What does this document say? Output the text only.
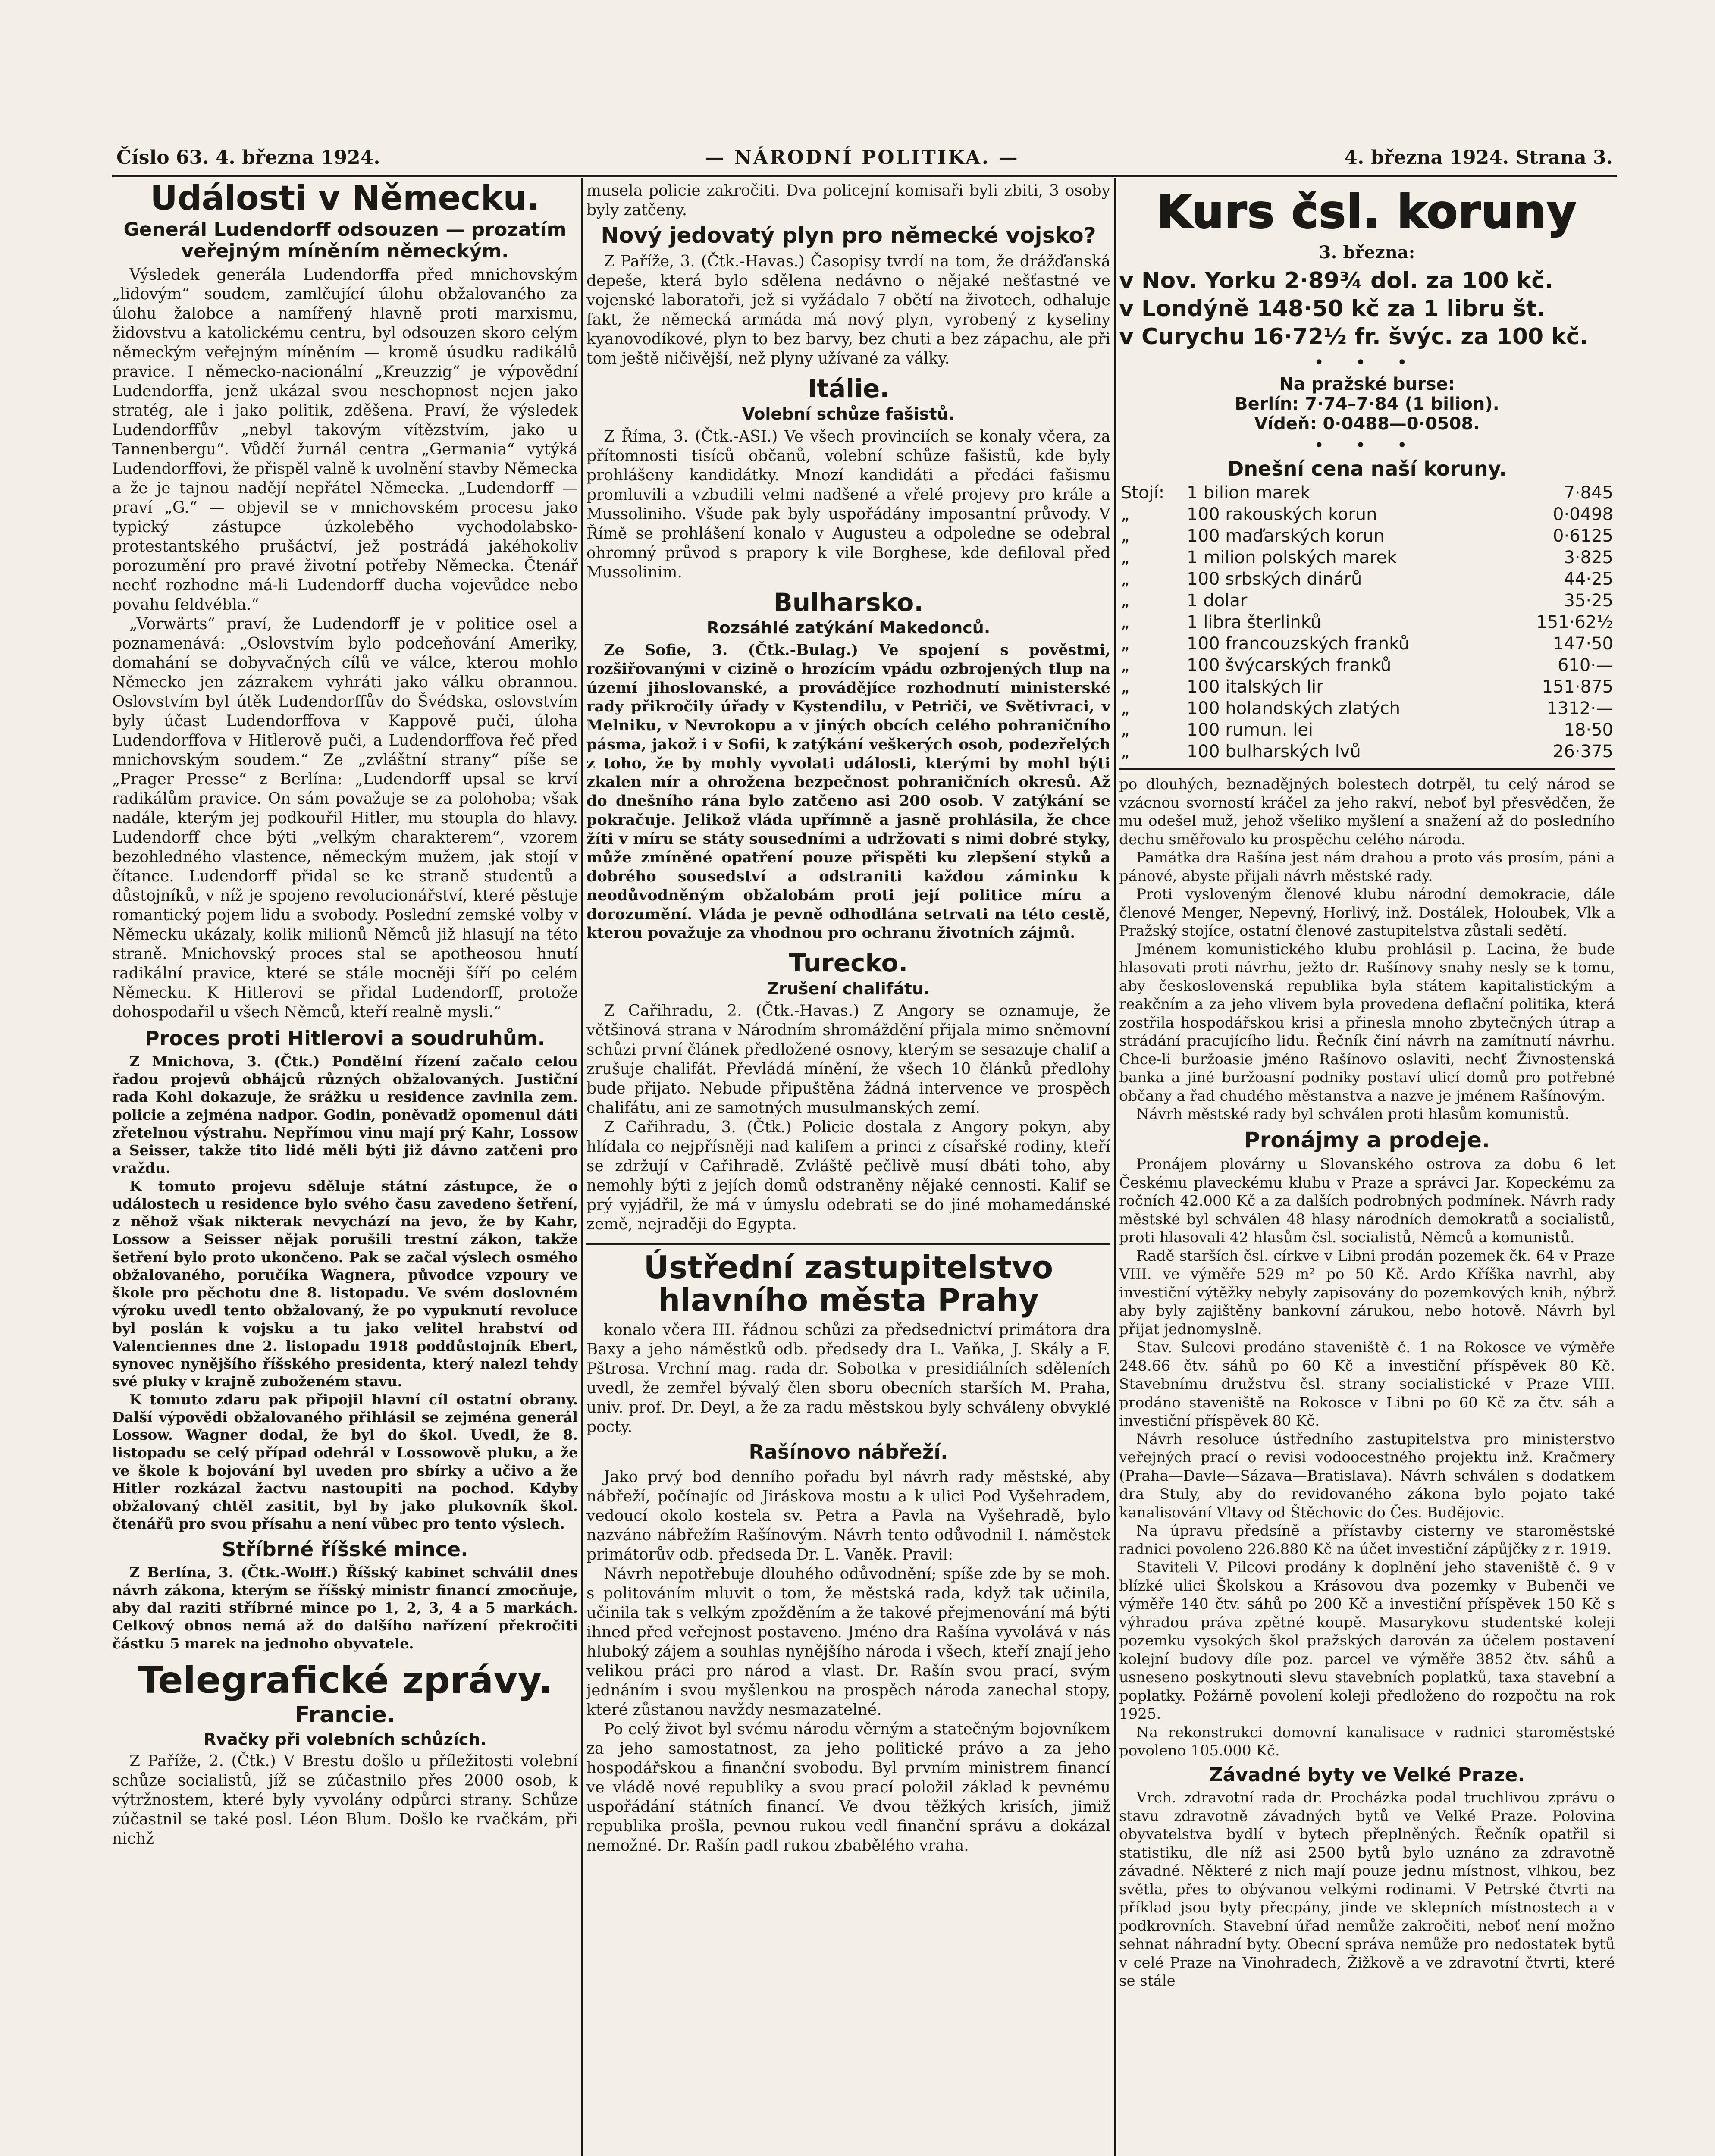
Číslo 63. 4. března 1924.	— NÁRODNÍ POLITIKA. —	4. března 1924. Strana 3.
Události v Německu.
Generál Ludendorff odsouzen — prozatím veřejným míněním německým.

Výsledek generála Ludendorffa před mnichovským „lidovým“ soudem, zamlčující úlohu obžalovaného za úlohu žalobce a namířený hlavně proti marxismu, židovstvu a katolickému centru, byl odsouzen skoro celým německým veřejným míněním — kromě úsudku radikálů pravice. I německo-nacionální „Kreuzzig“ je výpovědní Ludendorffa, jenž ukázal svou neschopnost nejen jako stratég, ale i jako politik, zděšena. Praví, že výsledek Ludendorffův „nebyl takovým vítězstvím, jako u Tannenbergu“. Vůdčí žurnál centra „Germania“ vytýká Ludendorffovi, že přispěl valně k uvolnění stavby Německa a že je tajnou nadějí nepřátel Německa. „Ludendorff — praví „G.“ — objevil se v mnichovském procesu jako typický zástupce úzkoleběho vychodolabsko-protestantského prušáctví, jež postrádá jakéhokoliv porozumění pro pravé životní potřeby Německa. Čtenář nechť rozhodne má-li Ludendorff ducha vojevůdce nebo povahu feldvébla.“

„Vorwärts“ praví, že Ludendorff je v politice osel a poznamenává: „Oslovstvím bylo podceňování Ameriky, domahání se dobyvačných cílů ve válce, kterou mohlo Německo jen zázrakem vyhráti jako válku obrannou. Oslovstvím byl útěk Ludendorffův do Švédska, oslovstvím byly účast Ludendorffova v Kappově puči, úloha Ludendorffova v Hitlerově puči, a Ludendorffova řeč před mnichovským soudem.“ Ze „zvláštní strany“ píše se „Prager Presse“ z Berlína: „Ludendorff upsal se krví radikálům pravice. On sám považuje se za polohoba; však nadále, kterým jej podkouřil Hitler, mu stoupla do hlavy. Ludendorff chce býti „velkým charakterem“, vzorem bezohledného vlastence, německým mužem, jak stojí v čítance. Ludendorff přidal se ke straně studentů a důstojníků, v níž je spojeno revolucionářství, které pěstuje romantický pojem lidu a svobody. Poslední zemské volby v Německu ukázaly, kolik milionů Němců již hlasují na této straně. Mnichovský proces stal se apotheosou hnutí radikální pravice, které se stále mocněji šíří po celém Německu. K Hitlerovi se přidal Ludendorff, protože dohospodařil u všech Němců, kteří realně mysli.“

Proces proti Hitlerovi a soudruhům.

Z Mnichova, 3. (Čtk.) Pondělní řízení začalo celou řadou projevů obhájců různých obžalovaných. Justiční rada Kohl dokazuje, že srážku u residence zavinila zem. policie a zejména nadpor. Godin, poněvadž opomenul dáti zřetelnou výstrahu. Nepřímou vinu mají prý Kahr, Lossow a Seisser, takže tito lidé měli býti již dávno zatčeni pro vraždu.

K tomuto projevu sděluje státní zástupce, že o událostech u residence bylo svého času zavedeno šetření, z něhož však nikterak nevychází na jevo, že by Kahr, Lossow a Seisser nějak porušili trestní zákon, takže šetření bylo proto ukončeno. Pak se začal výslech osmého obžalovaného, poručíka Wagnera, původce vzpoury ve škole pro pěchotu dne 8. listopadu. Ve svém doslovném výroku uvedl tento obžalovaný, že po vypuknutí revoluce byl poslán k vojsku a tu jako velitel hrabství od Valenciennes dne 2. listopadu 1918 poddůstojník Ebert, synovec nynějšího říšského presidenta, který nalezl tehdy své pluky v krajně zuboženém stavu.

K tomuto zdaru pak připojil hlavní cíl ostatní obrany. Další výpovědi obžalovaného přihlásil se zejména generál Lossow. Wagner dodal, že byl do škol. Uvedl, že 8. listopadu se celý případ odehrál v Lossowově pluku, a že ve škole k bojování byl uveden pro sbírky a učivo a že Hitler rozkázal žactvu nastoupiti na pochod. Kdyby obžalovaný chtěl zasitit, byl by jako plukovník škol. čtenářů pro svou přísahu a není vůbec pro tento výslech.

Stříbrné říšské mince.

Z Berlína, 3. (Čtk.-Wolff.) Říšský kabinet schválil dnes návrh zákona, kterým se říšský ministr financí zmocňuje, aby dal raziti stříbrné mince po 1, 2, 3, 4 a 5 markách. Celkový obnos nemá až do dalšího nařízení překročiti částku 5 marek na jednoho obyvatele.

Telegrafické zprávy.
Francie.
Rvačky při volebních schůzích.

Z Paříže, 2. (Čtk.) V Brestu došlo u příležitosti volební schůze socialistů, jíž se zúčastnilo přes 2000 osob, k výtržnostem, které byly vyvolány odpůrci strany. Schůze zúčastnil se také posl. Léon Blum. Došlo ke rvačkám, při nichž

musela policie zakročiti. Dva policejní komisaři byli zbiti, 3 osoby byly zatčeny.

Nový jedovatý plyn pro německé vojsko?

Z Paříže, 3. (Čtk.-Havas.) Časopisy tvrdí na tom, že drážďanská depeše, která bylo sdělena nedávno o nějaké nešťastné ve vojenské laboratoři, jež si vyžádalo 7 obětí na životech, odhaluje fakt, že německá armáda má nový plyn, vyrobený z kyseliny kyanovodíkové, plyn to bez barvy, bez chuti a bez zápachu, ale při tom ještě ničivější, než plyny užívané za války.

Itálie.
Volební schůze fašistů.

Z Říma, 3. (Čtk.-ASI.) Ve všech provinciích se konaly včera, za přítomnosti tisíců občanů, volební schůze fašistů, kde byly prohlášeny kandidátky. Mnozí kandidáti a předáci fašismu promluvili a vzbudili velmi nadšené a vřelé projevy pro krále a Mussoliniho. Všude pak byly uspořádány imposantní průvody. V Římě se prohlášení konalo v Augusteu a odpoledne se odebral ohromný průvod s prapory k vile Borghese, kde defiloval před Mussolinim.

Bulharsko.
Rozsáhlé zatýkání Makedonců.

Ze Sofie, 3. (Čtk.-Bulag.) Ve spojení s pověstmi, rozšiřovanými v cizině o hrozícím vpádu ozbrojených tlup na území jihoslovanské, a provádějíce rozhodnutí ministerské rady přikročily úřady v Kystendilu, v Petriči, ve Světivraci, v Melniku, v Nevrokopu a v jiných obcích celého pohraničního pásma, jakož i v Sofii, k zatýkání veškerých osob, podezřelých z toho, že by mohly vyvolati události, kterými by mohl býti zkalen mír a ohrožena bezpečnost pohraničních okresů. Až do dnešního rána bylo zatčeno asi 200 osob. V zatýkání se pokračuje. Jelikož vláda upřímně a jasně prohlásila, že chce žíti v míru se státy sousedními a udržovati s nimi dobré styky, může zmíněné opatření pouze přispěti ku zlepšení styků a dobrého sousedství a odstraniti každou záminku k neodůvodněným obžalobám proti její politice míru a dorozumění. Vláda je pevně odhodlána setrvati na této cestě, kterou považuje za vhodnou pro ochranu životních zájmů.

Turecko.
Zrušení chalifátu.

Z Cařihradu, 2. (Čtk.-Havas.) Z Angory se oznamuje, že většinová strana v Národním shromáždění přijala mimo sněmovní schůzi první článek předložené osnovy, kterým se sesazuje chalif a zrušuje chalifát. Převládá mínění, že všech 10 článků předlohy bude přijato. Nebude připuštěna žádná intervence ve prospěch chalifátu, ani ze samotných musulmanských zemí.

Z Cařihradu, 3. (Čtk.) Policie dostala z Angory pokyn, aby hlídala co nejpřísněji nad kalifem a princi z císařské rodiny, kteří se zdržují v Cařihradě. Zvláště pečlivě musí dbáti toho, aby nemohly býti z jejích domů odstraněny nějaké cennosti. Kalif se prý vyjádřil, že má v úmyslu odebrati se do jiné mohamedánské země, nejraději do Egypta.

Ústřední zastupitelstvo hlavního města Prahy

konalo včera III. řádnou schůzi za předsednictví primátora dra Baxy a jeho náměstků odb. předsedy dra L. Vaňka, J. Skály a F. Pštrosa. Vrchní mag. rada dr. Sobotka v presidiálních sděleních uvedl, že zemřel bývalý člen sboru obecních starších M. Praha, univ. prof. Dr. Deyl, a že za radu městskou byly schváleny obvyklé pocty.

Rašínovo nábřeží.

Jako prvý bod denního pořadu byl návrh rady městské, aby nábřeží, počínajíc od Jiráskova mostu a k ulici Pod Vyšehradem, vedoucí okolo kostela sv. Petra a Pavla na Vyšehradě, bylo nazváno nábřežím Rašínovým. Návrh tento odůvodnil I. náměstek primátorův odb. předseda Dr. L. Vaněk. Pravil:

Návrh nepotřebuje dlouhého odůvodnění; spíše zde by se moh. s politováním mluvit o tom, že městská rada, když tak učinila, učinila tak s velkým zpožděním a že takové přejmenování má býti ihned před veřejnost postaveno. Jméno dra Rašína vyvolává v nás hluboký zájem a souhlas nynějšího národa i všech, kteří znají jeho velikou práci pro národ a vlast. Dr. Rašín svou prací, svým jednáním i svou myšlenkou na prospěch národa zanechal stopy, které zůstanou navždy nesmazatelné.

Po celý život byl svému národu věrným a statečným bojovníkem za jeho samostatnost, za jeho politické právo a za jeho hospodářskou a finanční svobodu. Byl prvním ministrem financí ve vládě nové republiky a svou prací položil základ k pevnému uspořádání státních financí. Ve dvou těžkých krisích, jimiž republika prošla, pevnou rukou vedl finanční správu a dokázal nemožné. Dr. Rašín padl rukou zbabělého vraha.

Kurs čsl. koruny
3. března:

v Nov. Yorku 2·89¾ dol. za 100 kč.

v Londýně 148·50 kč za 1 libru št.

v Curychu 16·72½ fr. švýc. za 100 kč.

• • •
Na pražské burse:
Berlín: 7·74–7·84 (1 bilion).
Vídeň: 0·0488—0·0508.
• • •
Dnešní cena naší koruny.
Stojí:	1 bilion marek	7·845
„	100 rakouských korun	0·0498
„	100 maďarských korun	0·6125
„	1 milion polských marek	3·825
„	100 srbských dinárů	44·25
„	1 dolar	35·25
„	1 libra šterlinků	151·62½
„	100 francouzských franků	147·50
„	100 švýcarských franků	610·—
„	100 italských lir	151·875
„	100 holandských zlatých	1312·—
„	100 rumun. lei	18·50
„	100 bulharských lvů	26·375

po dlouhých, beznadějných bolestech dotrpěl, tu celý národ se vzácnou svorností kráčel za jeho rakví, neboť byl přesvědčen, že mu odešel muž, jehož všeliko myšlení a snažení až do posledního dechu směřovalo ku prospěchu celého národa.

Památka dra Rašína jest nám drahou a proto vás prosím, páni a pánové, abyste přijali návrh městské rady.

Proti vysloveným členové klubu národní demokracie, dále členové Menger, Nepevný, Horlivý, inž. Dostálek, Holoubek, Vlk a Pražský stojíce, ostatní členové zastupitelstva zůstali sedětí.

Jménem komunistického klubu prohlásil p. Lacina, že bude hlasovati proti návrhu, ježto dr. Rašínovy snahy nesly se k tomu, aby československá republika byla státem kapitalistickým a reakčním a za jeho vlivem byla provedena deflační politika, která zostřila hospodářskou krisi a přinesla mnoho zbytečných útrap a strádání pracujícího lidu. Řečník činí návrh na zamítnutí návrhu. Chce-li buržoasie jméno Rašínovo oslaviti, nechť Živnostenská banka a jiné buržoasní podniky postaví ulicí domů pro potřebné občany a řad chudého městanstva a nazve je jménem Rašínovým.

Návrh městské rady byl schválen proti hlasům komunistů.

Pronájmy a prodeje.

Pronájem plovárny u Slovanského ostrova za dobu 6 let Českému plaveckému klubu v Praze a správci Jar. Kopeckému za ročních 42.000 Kč a za dalších podrobných podmínek. Návrh rady městské byl schválen 48 hlasy národních demokratů a socialistů, proti hlasovali 42 hlasům čsl. socialistů, Němců a komunistů.

Radě starších čsl. církve v Libni prodán pozemek čk. 64 v Praze VIII. ve výměře 529 m² po 50 Kč. Ardo Kříška navrhl, aby investiční výtěžky nebyly zapisovány do pozemkových knih, nýbrž aby byly zajištěny bankovní zárukou, nebo hotově. Návrh byl přijat jednomyslně.

Stav. Sulcovi prodáno staveniště č. 1 na Rokosce ve výměře 248.66 čtv. sáhů po 60 Kč a investiční příspěvek 80 Kč. Stavebnímu družstvu čsl. strany socialistické v Praze VIII. prodáno staveniště na Rokosce v Libni po 60 Kč za čtv. sáh a investiční příspěvek 80 Kč.

Návrh resoluce ústředního zastupitelstva pro ministerstvo veřejných prací o revisi vodoocestného projektu inž. Kračmery (Praha—Davle—Sázava—Bratislava). Návrh schválen s dodatkem dra Stuly, aby do revidovaného zákona bylo pojato také kanalisování Vltavy od Štěchovic do Čes. Budějovic.

Na úpravu předsíně a přístavby cisterny ve staroměstské radnici povoleno 226.880 Kč na účet investiční zápůjčky z r. 1919.

Staviteli V. Pilcovi prodány k doplnění jeho staveniště č. 9 v blízké ulici Školskou a Krásovou dva pozemky v Bubenči ve výměře 140 čtv. sáhů po 200 Kč a investiční příspěvek 150 Kč s výhradou práva zpětné koupě. Masarykovu studentské koleji pozemku vysokých škol pražských darován za účelem postavení kolejní budovy díle poz. parcel ve výměře 3852 čtv. sáhů a usneseno poskytnouti slevu stavebních poplatků, taxa stavební a poplatky. Požárně povolení koleji předloženo do rozpočtu na rok 1925.

Na rekonstrukci domovní kanalisace v radnici staroměstské povoleno 105.000 Kč.

Závadné byty ve Velké Praze.

Vrch. zdravotní rada dr. Procházka podal truchlivou zprávu o stavu zdravotně závadných bytů ve Velké Praze. Polovina obyvatelstva bydlí v bytech přeplněných. Řečník opatřil si statistiku, dle níž asi 2500 bytů bylo uznáno za zdravotně závadné. Některé z nich mají pouze jednu místnost, vlhkou, bez světla, přes to obývanou velkými rodinami. V Petrské čtvrti na příklad jsou byty přecpány, jinde ve sklepních místnostech a v podkrovních. Stavební úřad nemůže zakročiti, neboť není možno sehnat náhradní byty. Obecní správa nemůže pro nedostatek bytů v celé Praze na Vinohradech, Žižkově a ve zdravotní čtvrti, které se stále
